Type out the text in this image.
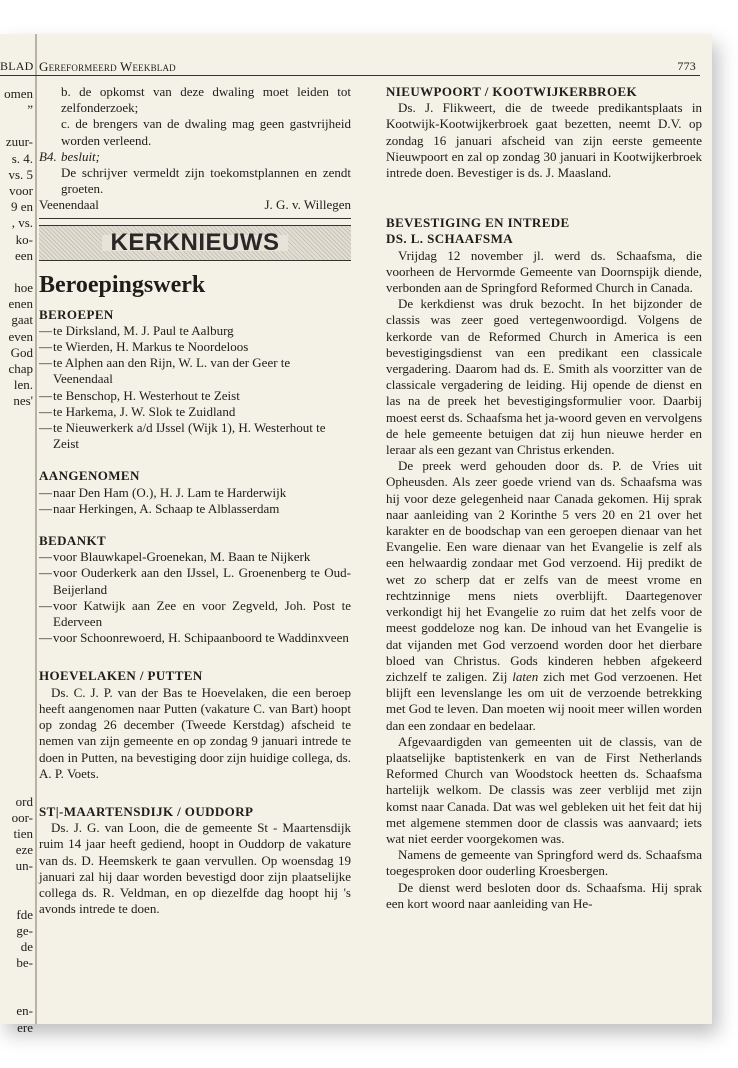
BLAD Gereformeerd Weekblad	773
omen
”
zuur-
s. 4.
vs. 5
voor
9 en
, vs.
ko-
een
hoe
enen
gaat
even
God
chap
len.
nes'
ord
oor-
tien
eze
un-
fde
ge-
de
be-
en-
ere
b. de opkomst van deze dwaling moet leiden tot zelfonderzoek;
c. de brengers van de dwaling mag geen gastvrijheid worden verleend.
B4. besluit;
De schrijver vermeldt zijn toekomstplannen en zendt groeten.
Veenendaal	J. G. v. Willegen
KERKNIEUWS
Beroepingswerk
BEROEPEN
— te Dirksland, M. J. Paul te Aalburg
— te Wierden, H. Markus te Noordeloos
— te Alphen aan den Rijn, W. L. van der Geer te Veenendaal
— te Benschop, H. Westerhout te Zeist
— te Harkema, J. W. Slok te Zuidland
— te Nieuwerkerk a/d IJssel (Wijk 1), H. Westerhout te Zeist
AANGENOMEN
— naar Den Ham (O.), H. J. Lam te Harderwijk
— naar Herkingen, A. Schaap te Alblasserdam
BEDANKT
— voor Blauwkapel-Groenekan, M. Baan te Nijkerk
— voor Ouderkerk aan den IJssel, L. Groenenberg te Oud-Beijerland
— voor Katwijk aan Zee en voor Zegveld, Joh. Post te Ederveen
— voor Schoonrewoerd, H. Schipaanboord te Waddinxveen
HOEVELAKEN / PUTTEN

Ds. C. J. P. van der Bas te Hoevelaken, die een beroep heeft aangenomen naar Putten (vakature C. van Bart) hoopt op zondag 26 december (Tweede Kerstdag) afscheid te nemen van zijn gemeente en op zondag 9 januari intrede te doen in Putten, na bevestiging door zijn huidige collega, ds. A. P. Voets.

ST|-MAARTENSDIJK / OUDDORP

Ds. J. G. van Loon, die de gemeente St - Maartensdijk ruim 14 jaar heeft gediend, hoopt in Ouddorp de vakature van ds. D. Heemskerk te gaan vervullen. Op woensdag 19 januari zal hij daar worden bevestigd door zijn plaatselijke collega ds. R. Veldman, en op diezelfde dag hoopt hij 's avonds intrede te doen.

NIEUWPOORT / KOOTWIJKERBROEK

Ds. J. Flikweert, die de tweede predikantsplaats in Kootwijk-Kootwijkerbroek gaat bezetten, neemt D.V. op zondag 16 januari afscheid van zijn eerste gemeente Nieuwpoort en zal op zondag 30 januari in Kootwijkerbroek intrede doen. Bevestiger is ds. J. Maasland.

BEVESTIGING EN INTREDE
DS. L. SCHAAFSMA

Vrijdag 12 november jl. werd ds. Schaafsma, die voorheen de Hervormde Gemeente van Doornspijk diende, verbonden aan de Springford Reformed Church in Canada.

De kerkdienst was druk bezocht. In het bijzonder de classis was zeer goed vertegenwoordigd. Volgens de kerkorde van de Reformed Church in America is een bevestigingsdienst van een predikant een classicale vergadering. Daarom had ds. E. Smith als voorzitter van de classicale vergadering de leiding. Hij opende de dienst en las na de preek het bevestigingsformulier voor. Daarbij moest eerst ds. Schaafsma het ja-woord geven en vervolgens de hele gemeente betuigen dat zij hun nieuwe herder en leraar als een gezant van Christus erkenden.

De preek werd gehouden door ds. P. de Vries uit Opheusden. Als zeer goede vriend van ds. Schaafsma was hij voor deze gelegenheid naar Canada gekomen. Hij sprak naar aanleiding van 2 Korinthe 5 vers 20 en 21 over het karakter en de boodschap van een geroepen dienaar van het Evangelie. Een ware dienaar van het Evangelie is zelf als een helwaardig zondaar met God verzoend. Hij predikt de wet zo scherp dat er zelfs van de meest vrome en rechtzinnige mens niets overblijft. Daartegenover verkondigt hij het Evangelie zo ruim dat het zelfs voor de meest goddeloze nog kan. De inhoud van het Evangelie is dat vijanden met God verzoend worden door het dierbare bloed van Christus. Gods kinderen hebben afgekeerd zichzelf te zaligen. Zij laten zich met God verzoenen. Het blijft een levenslange les om uit de verzoende betrekking met God te leven. Dan moeten wij nooit meer willen worden dan een zondaar en bedelaar.

Afgevaardigden van gemeenten uit de classis, van de plaatselijke baptistenkerk en van de First Netherlands Reformed Church van Woodstock heetten ds. Schaafsma hartelijk welkom. De classis was zeer verblijd met zijn komst naar Canada. Dat was wel gebleken uit het feit dat hij met algemene stemmen door de classis was aanvaard; iets wat niet eerder voorgekomen was.

Namens de gemeente van Springford werd ds. Schaafsma toegesproken door ouderling Kroesbergen.

De dienst werd besloten door ds. Schaafsma. Hij sprak een kort woord naar aanleiding van He-
